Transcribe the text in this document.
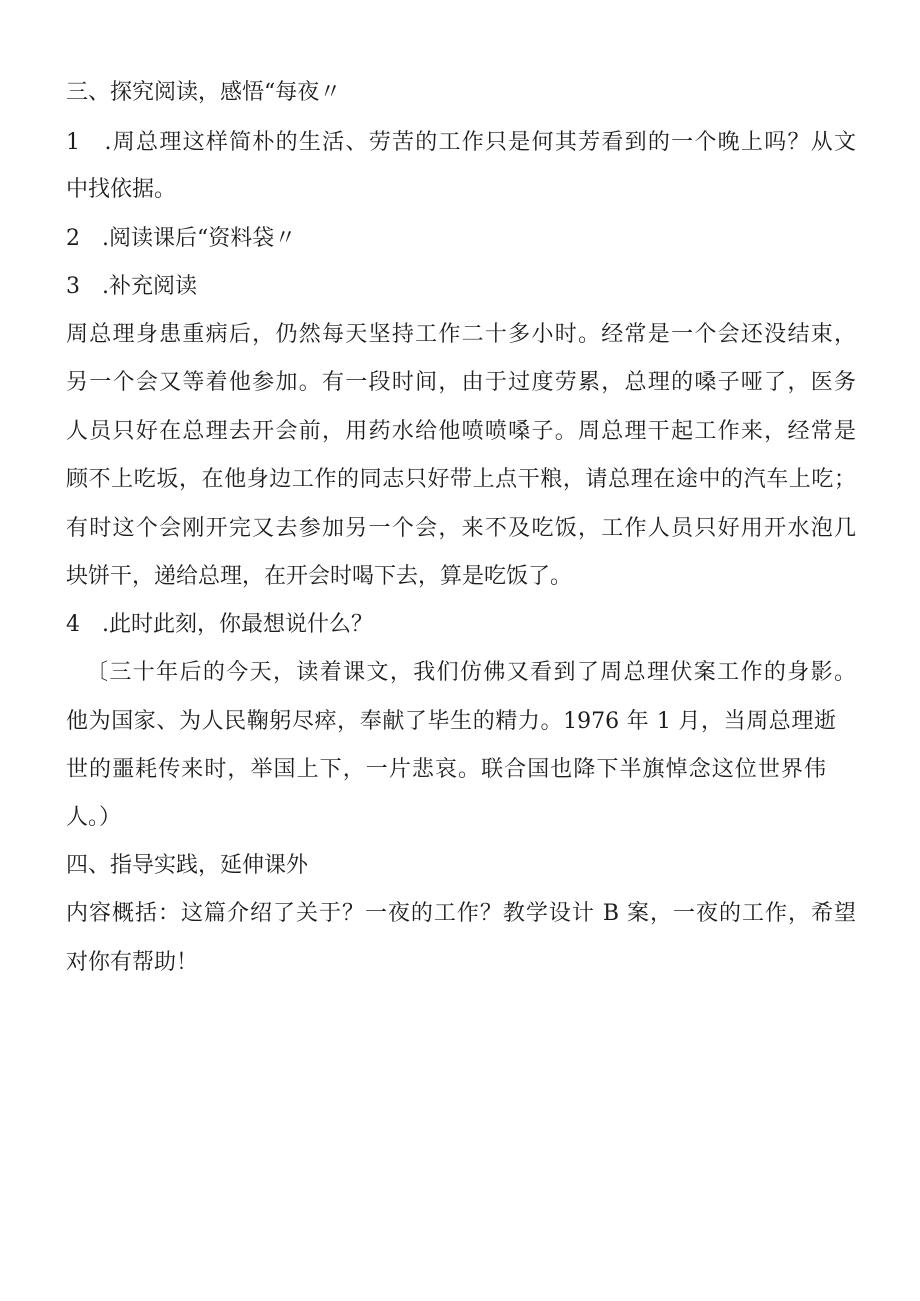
三、探究阅读，感悟“每夜〃
1　.周总理这样简朴的生活、劳苦的工作只是何其芳看到的一个晚上吗？从文
中找依据。
2　.阅读课后“资料袋〃
3　.补充阅读
周总理身患重病后，仍然每天坚持工作二十多小时。经常是一个会还没结束，
另一个会又等着他参加。有一段时间，由于过度劳累，总理的嗓子哑了，医务
人员只好在总理去开会前，用药水给他喷喷嗓子。周总理干起工作来，经常是
顾不上吃坂，在他身边工作的同志只好带上点干粮，请总理在途中的汽车上吃；
有时这个会刚开完又去参加另一个会，来不及吃饭，工作人员只好用开水泡几
块饼干，递给总理，在开会时喝下去，算是吃饭了。
4　.此时此刻，你最想说什么？
〔三十年后的今天，读着课文，我们仿佛又看到了周总理伏案工作的身影。
他为国家、为人民鞠躬尽瘁，奉献了毕生的精力。1976 年 1 月，当周总理逝
世的噩耗传来时，举国上下，一片悲哀。联合国也降下半旗悼念这位世界伟
人。）
四、指导实践，延伸课外
内容概括：这篇介绍了关于？一夜的工作？教学设计 B 案，一夜的工作，希望
对你有帮助！
